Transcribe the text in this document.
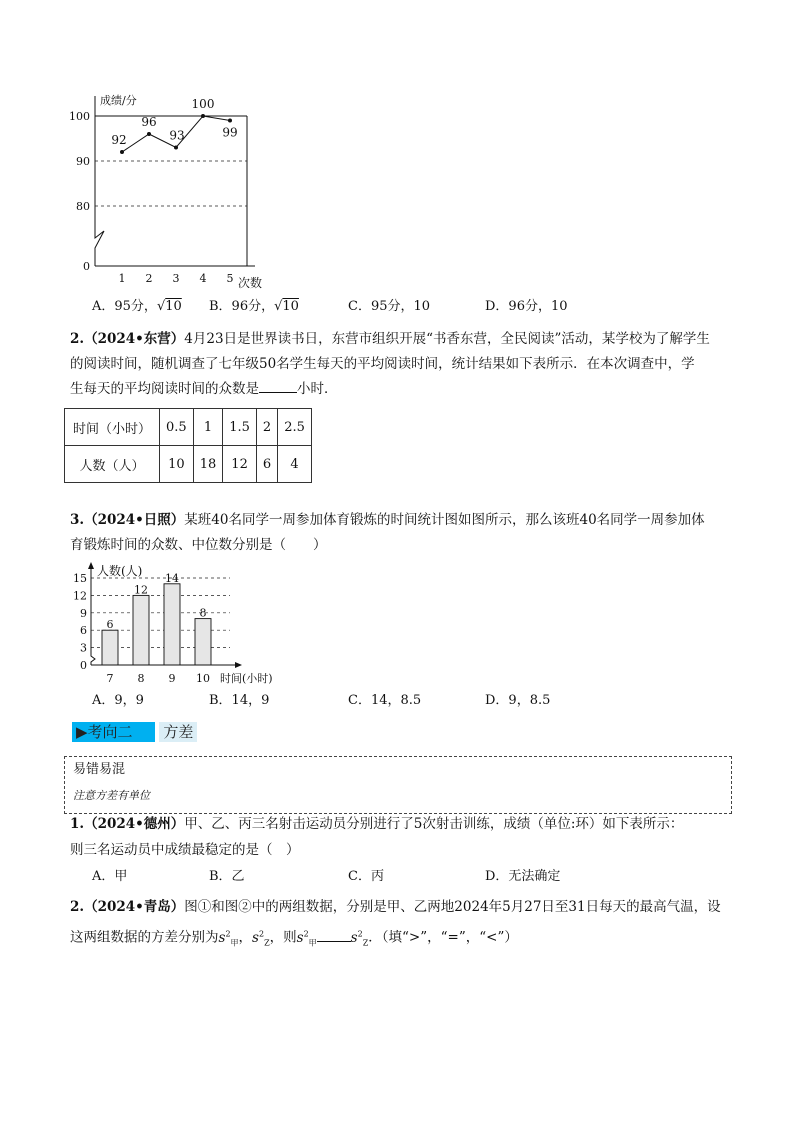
0
80
90
100
成绩/分
1 2 3 4 5 次数
92
96
93
100
99
A．95分，√10 B．96分，√10	C．95分，10	D．96分，10
2.（2024•东营）4月23日是世界读书日，东营市组织开展“书香东营，全民阅读”活动，某学校为了解学生
的阅读时间，随机调查了七年级50名学生每天的平均阅读时间，统计结果如下表所示．在本次调查中，学
生每天的平均阅读时间的众数是	小时．
时间（小时）	0.5	1	1.5	2	2.5
人数（人）	10	18	12	6	4
3.（2024•日照）某班40名同学一周参加体育锻炼的时间统计图如图所示，那么该班40名同学一周参加体
育锻炼时间的众数、中位数分别是（　　）
6
7
12
8
14
9
8
10
0
3
6
9
12
15
人数(人)
时间(小时)
A．9，9	B．14，9	C．14，8.5	D．9，8.5
▶考向二 方差
易错易混
注意方差有单位
1.（2024•德州）甲、乙、丙三名射击运动员分别进行了5次射击训练，成绩（单位:环）如下表所示：
则三名运动员中成绩最稳定的是（　）
A．甲	B．乙	C．丙	D．无法确定
2.（2024•青岛）图①和图②中的两组数据，分别是甲、乙两地2024年5月27日至31日每天的最高气温，设
这两组数据的方差分别为$s^2_甲$，$s^2_Z$，则$s^2_甲$	$s^2_Z$．（填“>”，“=”，“<”）
